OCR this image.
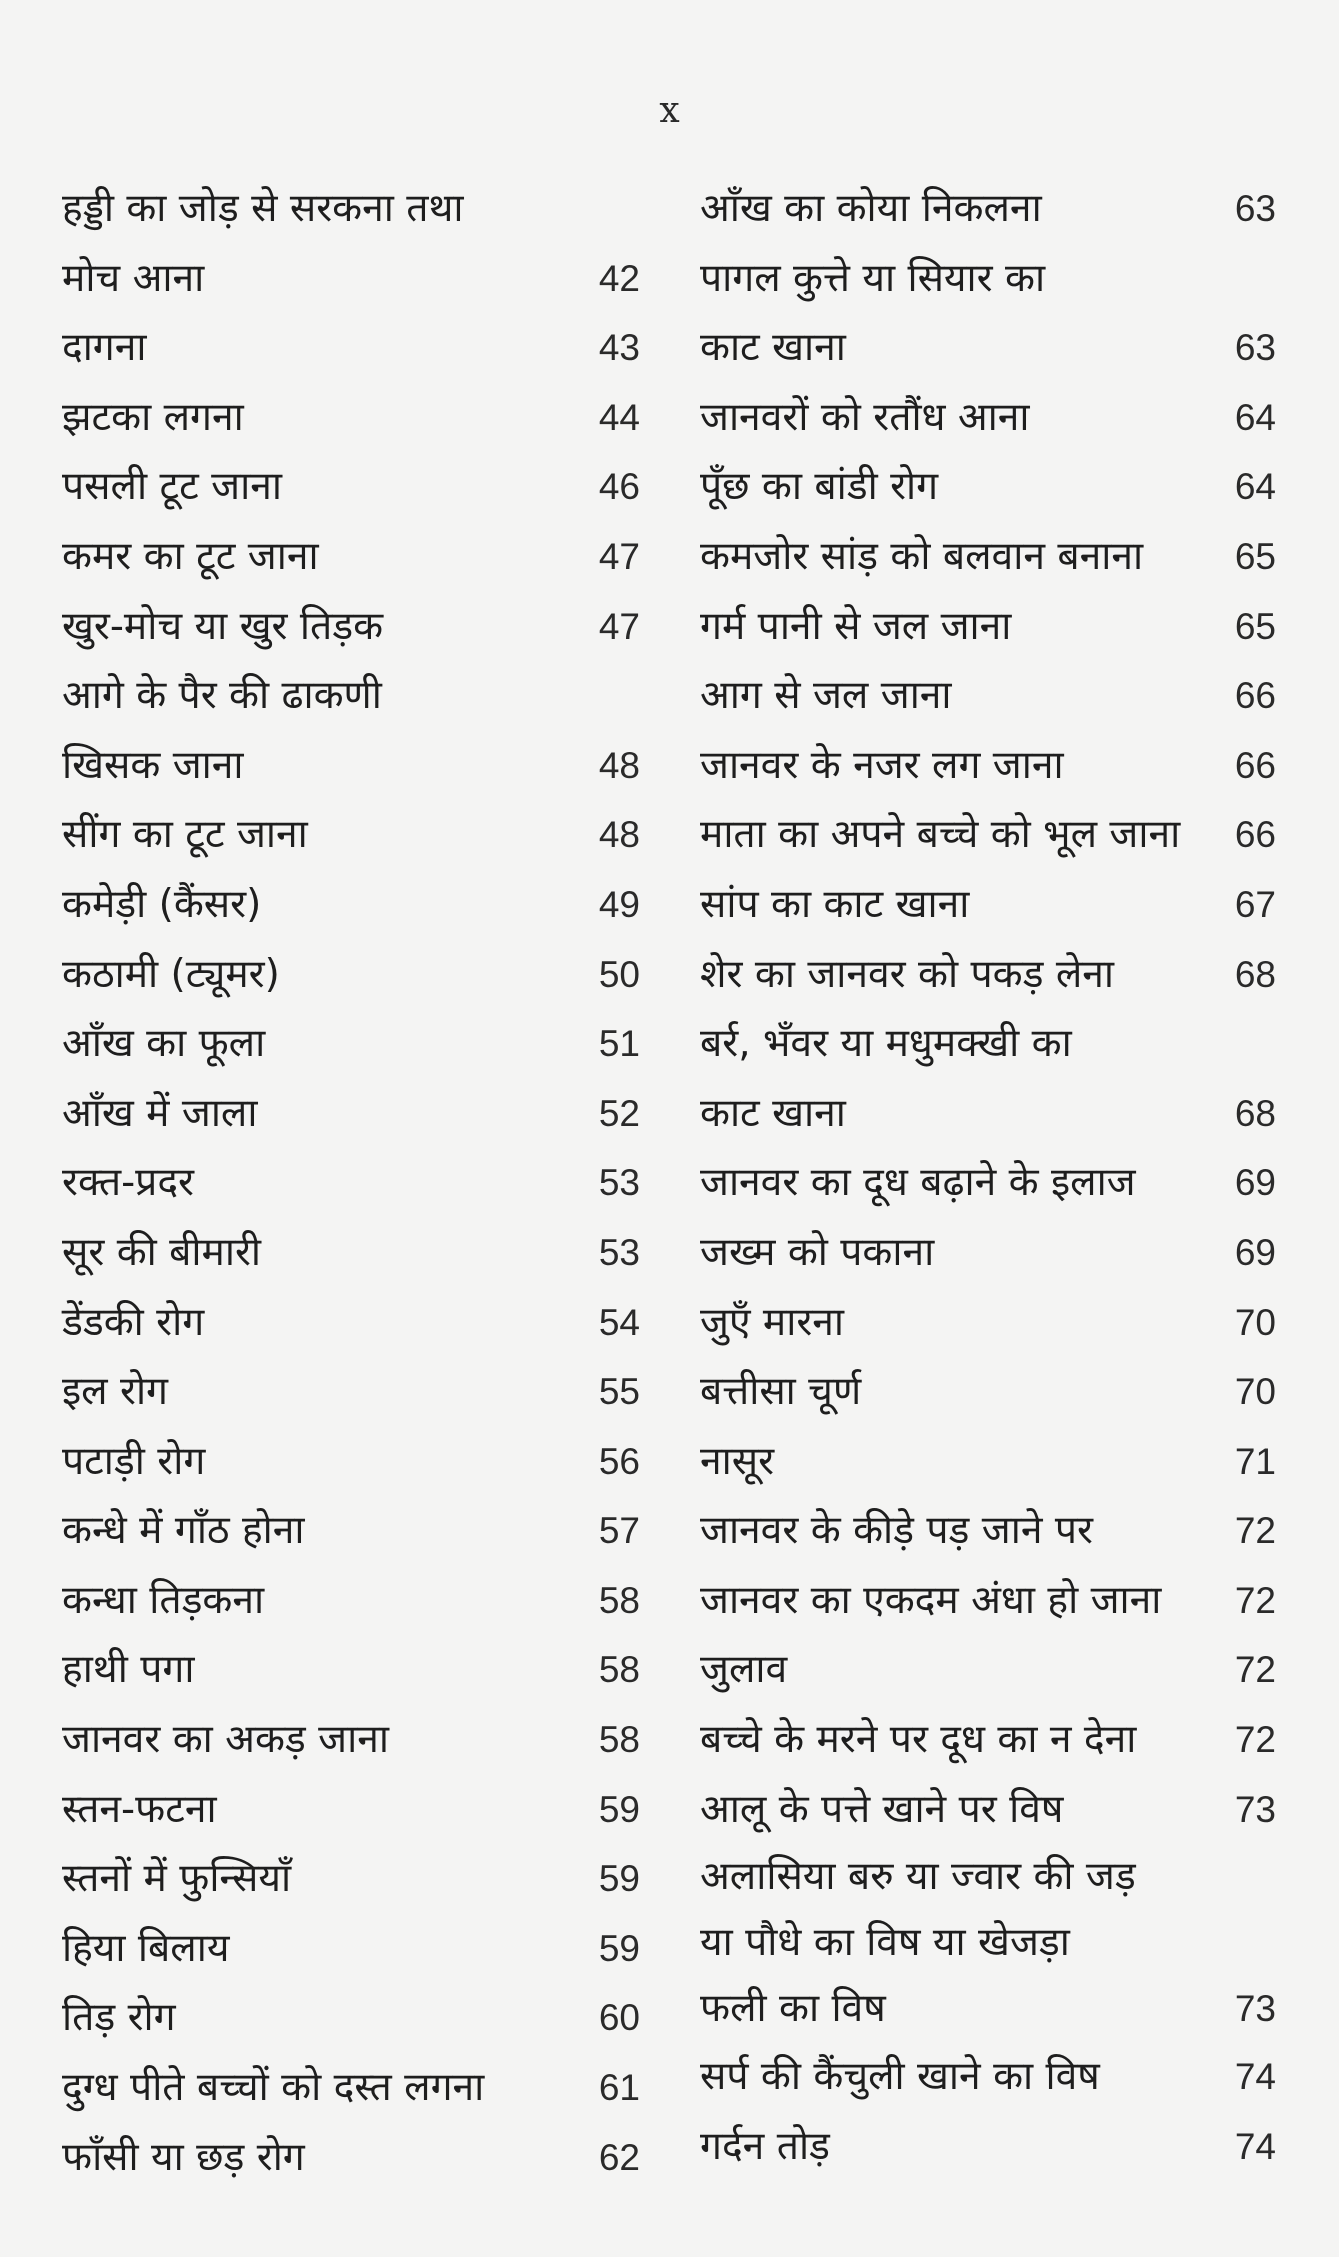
x
हड्डी का जोड़ से सरकना तथा
मोच आना	42
दागना	43
झटका लगना	44
पसली टूट जाना	46
कमर का टूट जाना	47
खुर-मोच या खुर तिड़क	47
आगे के पैर की ढाकणी
खिसक जाना	48
सींग का टूट जाना	48
कमेड़ी (कैंसर)	49
कठामी (ट्यूमर)	50
आँख का फूला	51
आँख में जाला	52
रक्त-प्रदर	53
सूर की बीमारी	53
डेंडकी रोग	54
इल रोग	55
पटाड़ी रोग	56
कन्धे में गाँठ होना	57
कन्धा तिड़कना	58
हाथी पगा	58
जानवर का अकड़ जाना	58
स्तन-फटना	59
स्तनों में फुन्सियाँ	59
हिया बिलाय	59
तिड़ रोग	60
दुग्ध पीते बच्चों को दस्त लगना	61
फाँसी या छड़ रोग	62
आँख का कोया निकलना	63
पागल कुत्ते या सियार का
काट खाना	63
जानवरों को रतौंध आना	64
पूँछ का बांडी रोग	64
कमजोर सांड़ को बलवान बनाना	65
गर्म पानी से जल जाना	65
आग से जल जाना	66
जानवर के नजर लग जाना	66
माता का अपने बच्चे को भूल जाना	66
सांप का काट खाना	67
शेर का जानवर को पकड़ लेना	68
बर्र, भँवर या मधुमक्खी का
काट खाना	68
जानवर का दूध बढ़ाने के इलाज	69
जख्म को पकाना	69
जुएँ मारना	70
बत्तीसा चूर्ण	70
नासूर	71
जानवर के कीड़े पड़ जाने पर	72
जानवर का एकदम अंधा हो जाना	72
जुलाव	72
बच्चे के मरने पर दूध का न देना	72
आलू के पत्ते खाने पर विष	73
अलासिया बरु या ज्वार की जड़
या पौधे का विष या खेजड़ा
फली का विष	73
सर्प की कैंचुली खाने का विष	74
गर्दन तोड़	74
